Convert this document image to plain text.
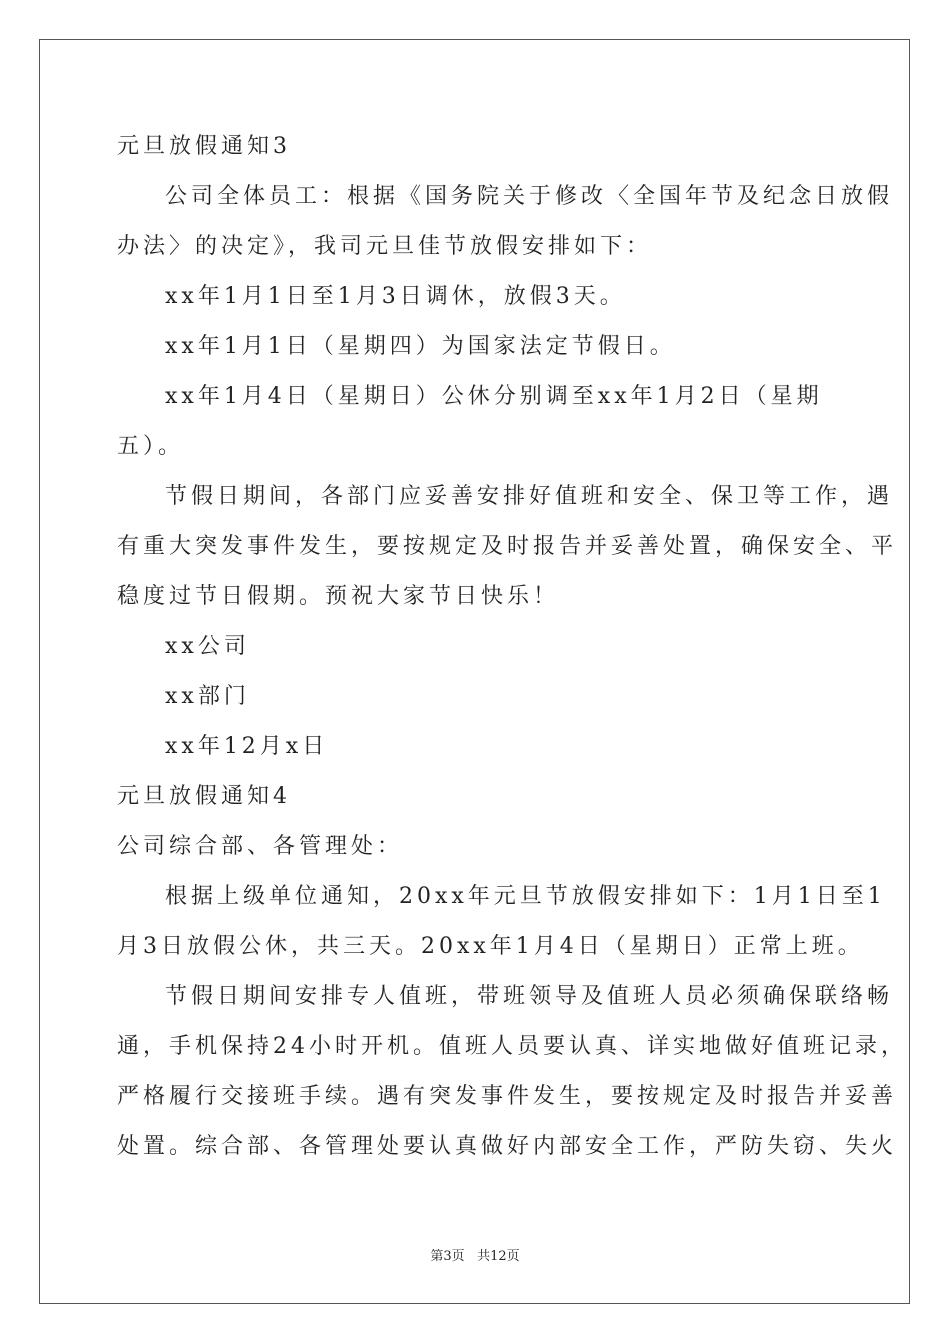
元旦放假通知3
公司全体员工：根据《国务院关于修改〈全国年节及纪念日放假
办法〉的决定》，我司元旦佳节放假安排如下：
xx年1月1日至1月3日调休，放假3天。
xx年1月1日（星期四）为国家法定节假日。
xx年1月4日（星期日）公休分别调至xx年1月2日（星期
五）。
节假日期间，各部门应妥善安排好值班和安全、保卫等工作，遇
有重大突发事件发生，要按规定及时报告并妥善处置，确保安全、平
稳度过节日假期。预祝大家节日快乐！
xx公司
xx部门
xx年12月x日
元旦放假通知4
公司综合部、各管理处：
根据上级单位通知，20xx年元旦节放假安排如下：1月1日至1
月3日放假公休，共三天。20xx年1月4日（星期日）正常上班。
节假日期间安排专人值班，带班领导及值班人员必须确保联络畅
通，手机保持24小时开机。值班人员要认真、详实地做好值班记录，
严格履行交接班手续。遇有突发事件发生，要按规定及时报告并妥善
处置。综合部、各管理处要认真做好内部安全工作，严防失窃、失火
第3页 共12页
